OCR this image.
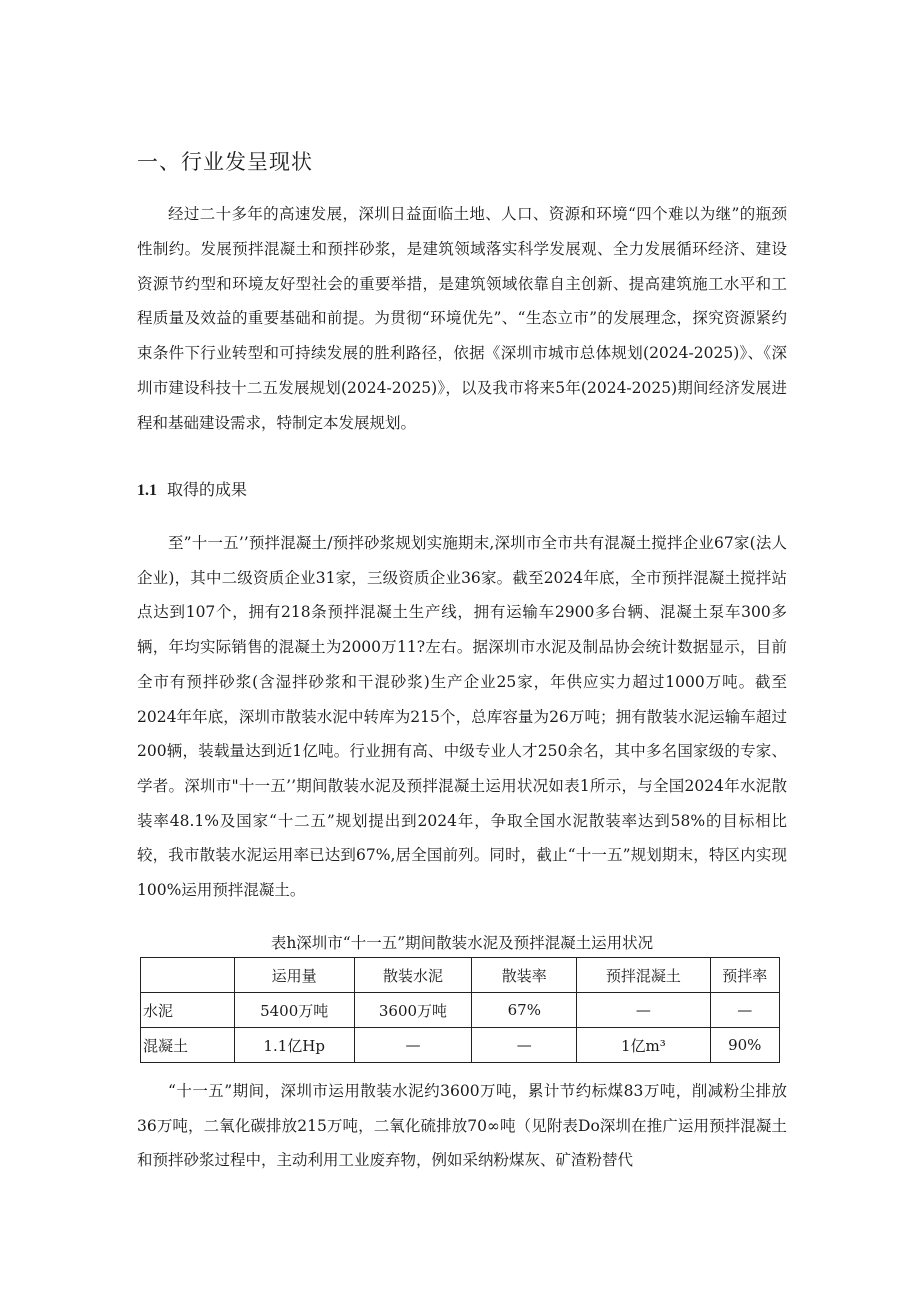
一、行业发呈现状

经过二十多年的高速发展，深圳日益面临土地、人口、资源和环境“四个难以为继”的瓶颈性制约。发展预拌混凝土和预拌砂浆，是建筑领域落实科学发展观、全力发展循环经济、建设资源节约型和环境友好型社会的重要举措，是建筑领域依靠自主创新、提高建筑施工水平和工程质量及效益的重要基础和前提。为贯彻“环境优先”、“生态立市”的发展理念，探究资源紧约束条件下行业转型和可持续发展的胜利路径，依据《深圳市城市总体规划(2024-2025)》、《深圳市建设科技十二五发展规划(2024-2025)》，以及我市将来5年(2024-2025)期间经济发展进程和基础建设需求，特制定本发展规划。

1.1 取得的成果

至”十一五’’预拌混凝土/预拌砂浆规划实施期末,深圳市全市共有混凝土搅拌企业67家(法人企业)，其中二级资质企业31家，三级资质企业36家。截至2024年底，全市预拌混凝土搅拌站点达到107个，拥有218条预拌混凝土生产线，拥有运输车2900多台辆、混凝土泵车300多辆，年均实际销售的混凝土为2000万11?左右。据深圳市水泥及制品协会统计数据显示，目前全市有预拌砂浆(含湿拌砂浆和干混砂浆)生产企业25家，年供应实力超过1000万吨。截至2024年年底，深圳市散装水泥中转库为215个，总库容量为26万吨；拥有散装水泥运输车超过200辆，装载量达到近1亿吨。行业拥有高、中级专业人才250余名，其中多名国家级的专家、学者。深圳市"十一五’’期间散装水泥及预拌混凝土运用状况如表1所示，与全国2024年水泥散装率48.1%及国家“十二五”规划提出到2024年，争取全国水泥散装率达到58%的目标相比较，我市散装水泥运用率已达到67%,居全国前列。同时，截止“十一五”规划期末，特区内实现100%运用预拌混凝土。

表h深圳市“十一五”期间散装水泥及预拌混凝土运用状况

	运用量	散装水泥	散装率	预拌混凝土	预拌率
水泥	5400万吨	3600万吨	67%	—	—
混凝土	1.1亿Hp	—	—	1亿m³	90%

“十一五”期间，深圳市运用散装水泥约3600万吨，累计节约标煤83万吨，削减粉尘排放36万吨，二氧化碳排放215万吨，二氧化硫排放70∞吨（见附表Do深圳在推广运用预拌混凝土和预拌砂浆过程中，主动利用工业废弃物，例如采纳粉煤灰、矿渣粉替代
